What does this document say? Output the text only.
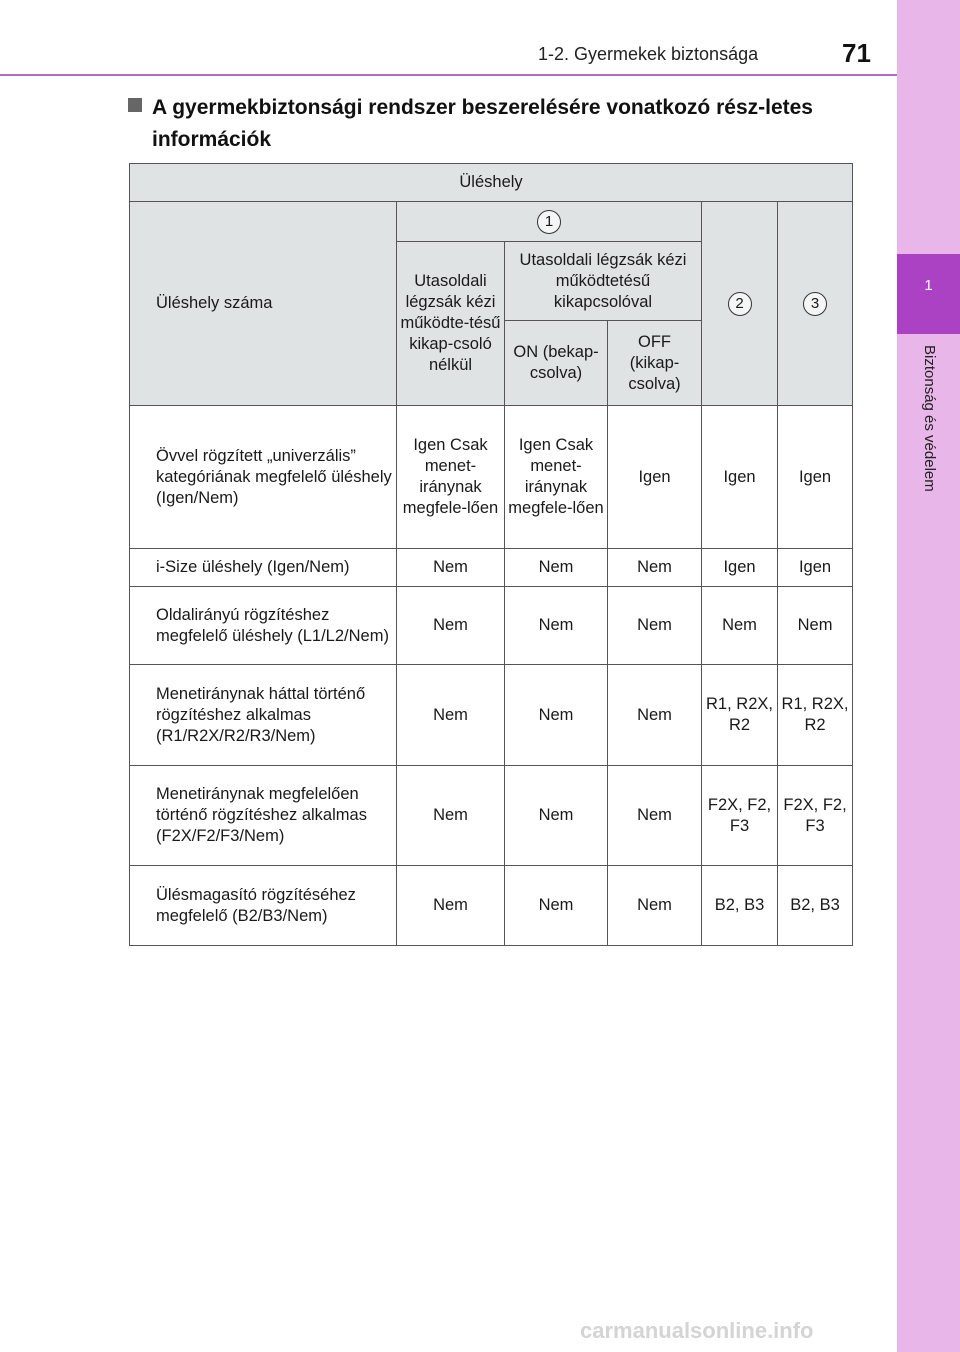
1
Biztonság és védelem
1-2. Gyermekek biztonsága	71
A gyermekbiztonsági rendszer beszerelésére vonatkozó rész-letes információk
Üléshely					
Üléshely száma	1			2	3
	Utasoldali légzsák kézi működte-tésű kikap-csoló nélkül	Utasoldali légzsák kézi működtetésű kikapcsolóval			
		ON (bekap-csolva)	OFF (kikap-csolva)		
Övvel rögzített „univerzális” kategóriának megfelelő üléshely (Igen/Nem)	Igen Csak menet-iránynak megfele-lően	Igen Csak menet-iránynak megfele-lően	Igen	Igen	Igen
i-Size üléshely (Igen/Nem)	Nem	Nem	Nem	Igen	Igen
Oldalirányú rögzítéshez megfelelő üléshely (L1/L2/Nem)	Nem	Nem	Nem	Nem	Nem
Menetiránynak háttal történő rögzítéshez alkalmas (R1/R2X/R2/R3/Nem)	Nem	Nem	Nem	R1, R2X, R2	R1, R2X, R2
Menetiránynak megfelelően történő rögzítéshez alkalmas (F2X/F2/F3/Nem)	Nem	Nem	Nem	F2X, F2, F3	F2X, F2, F3
Ülésmagasító rögzítéséhez megfelelő (B2/B3/Nem)	Nem	Nem	Nem	B2, B3	B2, B3
carmanualsonline.info
